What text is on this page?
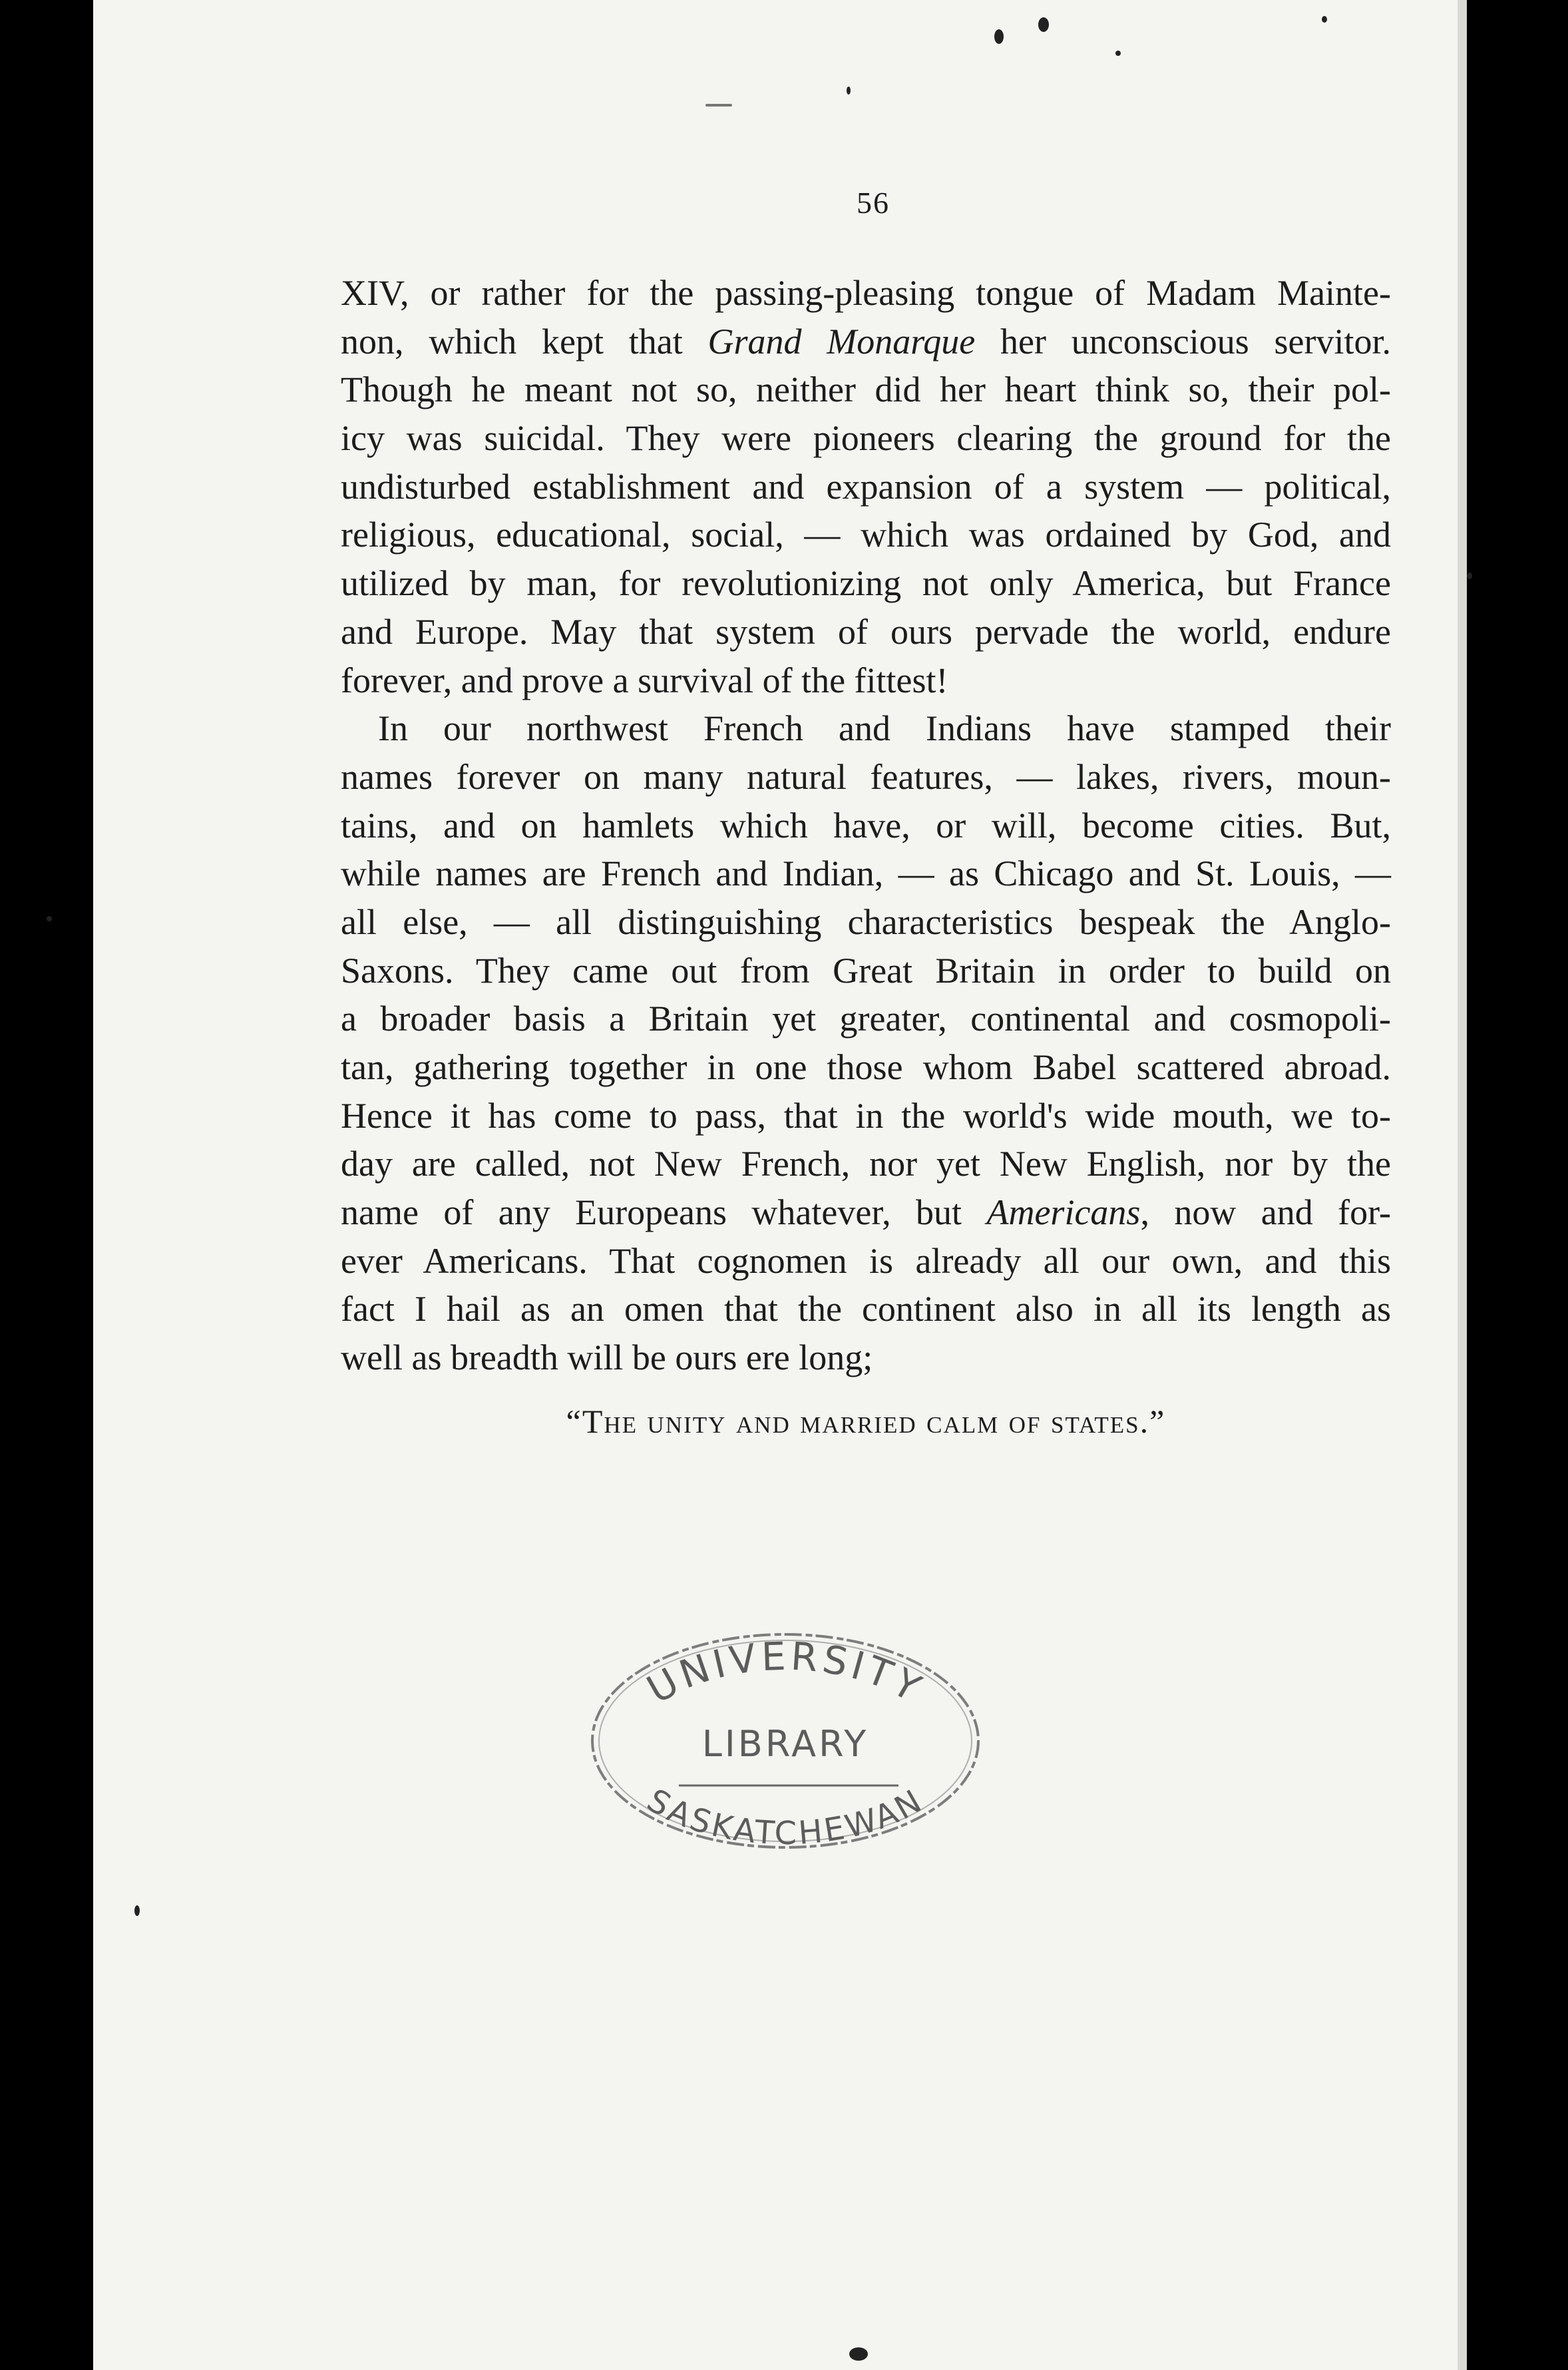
56
XIV, or rather for the passing-pleasing tongue of Madam Mainte-
non, which kept that Grand Monarque her unconscious servitor.
Though he meant not so, neither did her heart think so, their pol-
icy was suicidal. They were pioneers clearing the ground for the
undisturbed establishment and expansion of a system — political,
religious, educational, social, — which was ordained by God, and
utilized by man, for revolutionizing not only America, but France
and Europe. May that system of ours pervade the world, endure
forever, and prove a survival of the fittest!
In our northwest French and Indians have stamped their
names forever on many natural features, — lakes, rivers, moun-
tains, and on hamlets which have, or will, become cities. But,
while names are French and Indian, — as Chicago and St. Louis, —
all else, — all distinguishing characteristics bespeak the Anglo-
Saxons. They came out from Great Britain in order to build on
a broader basis a Britain yet greater, continental and cosmopoli-
tan, gathering together in one those whom Babel scattered abroad.
Hence it has come to pass, that in the world's wide mouth, we to-
day are called, not New French, nor yet New English, nor by the
name of any Europeans whatever, but Americans, now and for-
ever Americans. That cognomen is already all our own, and this
fact I hail as an omen that the continent also in all its length as
well as breadth will be ours ere long;
“The unity and married calm of states.”
UNIVERSITY
LIBRARY
SASKATCHEWAN
